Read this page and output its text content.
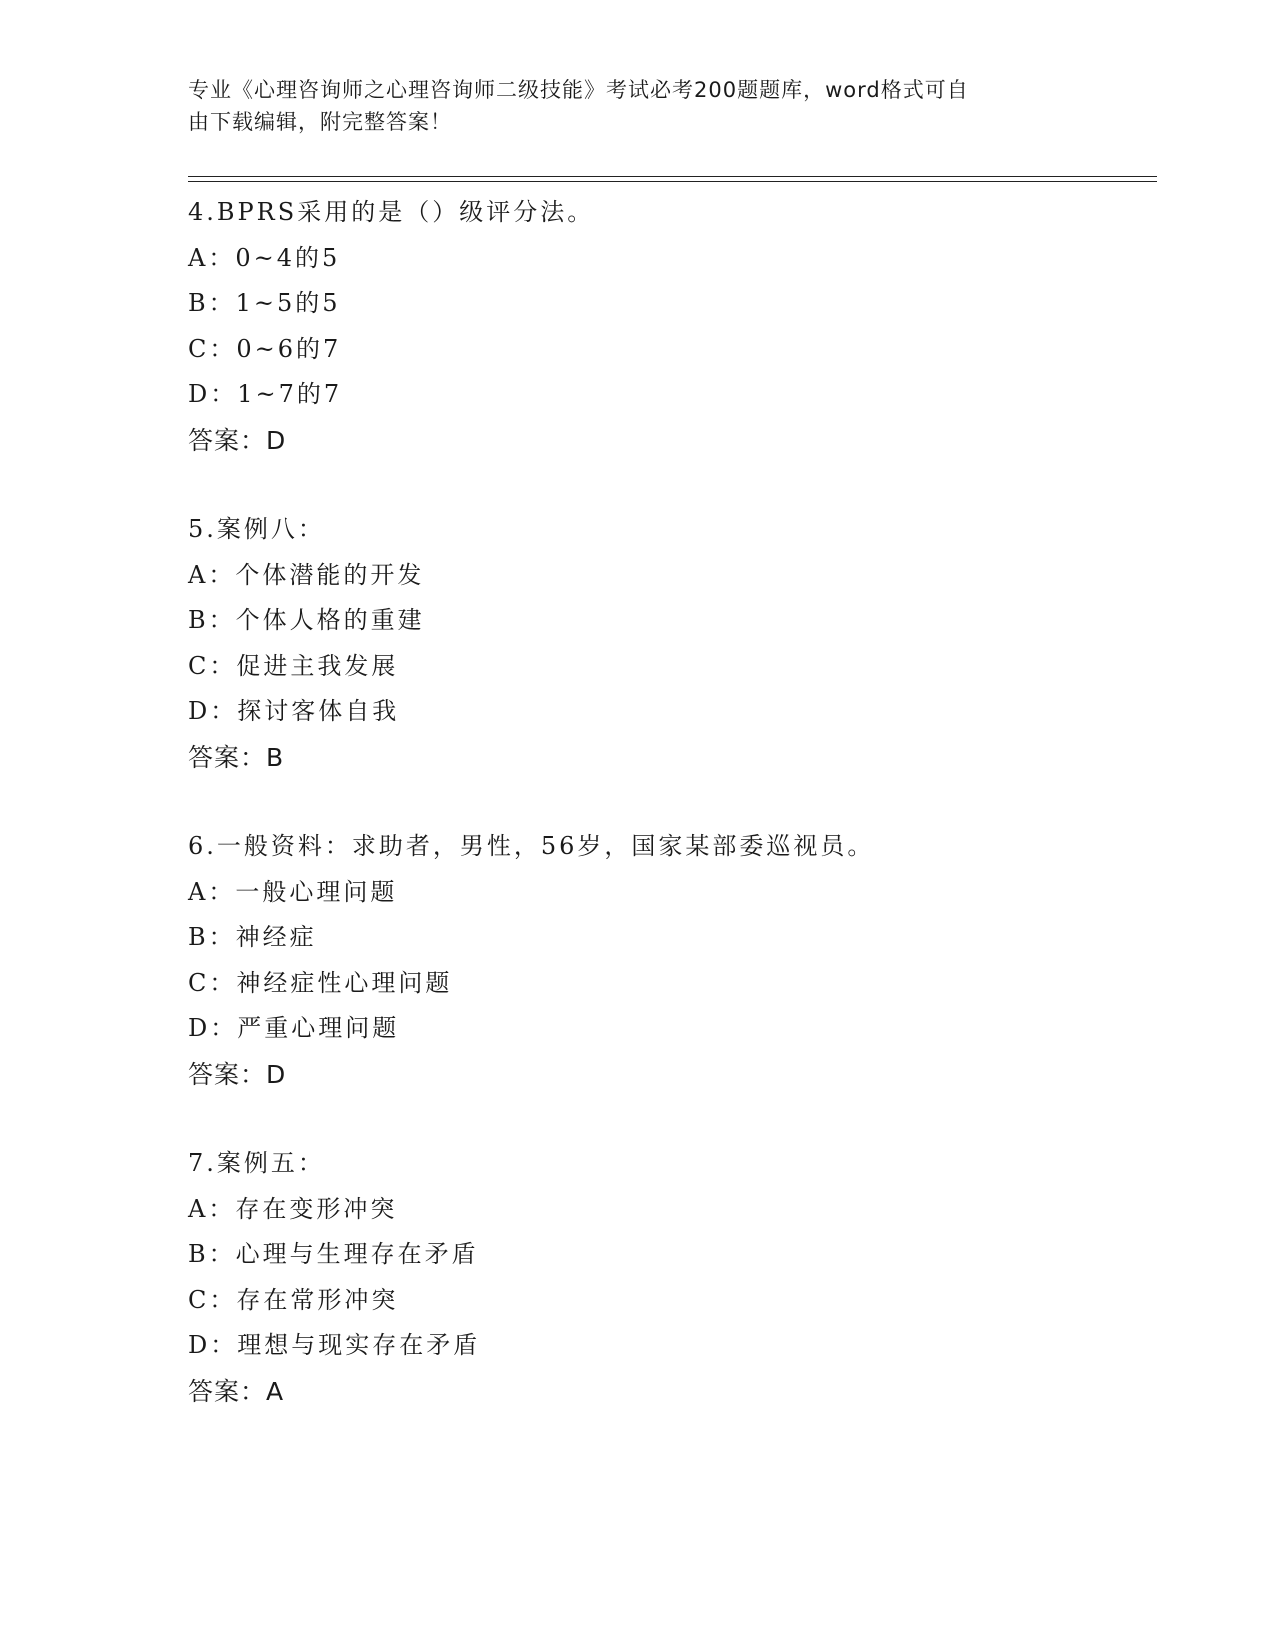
专业《心理咨询师之心理咨询师二级技能》考试必考200题题库，word格式可自
由下载编辑，附完整答案！
4.BPRS采用的是（）级评分法。
A：0~4的5
B：1~5的5
C：0~6的7
D：1~7的7
答案：D
5.案例八：
A：个体潜能的开发
B：个体人格的重建
C：促进主我发展
D：探讨客体自我
答案：B
6.一般资料：求助者，男性，56岁，国家某部委巡视员。
A：一般心理问题
B：神经症
C：神经症性心理问题
D：严重心理问题
答案：D
7.案例五：
A：存在变形冲突
B：心理与生理存在矛盾
C：存在常形冲突
D：理想与现实存在矛盾
答案：A
